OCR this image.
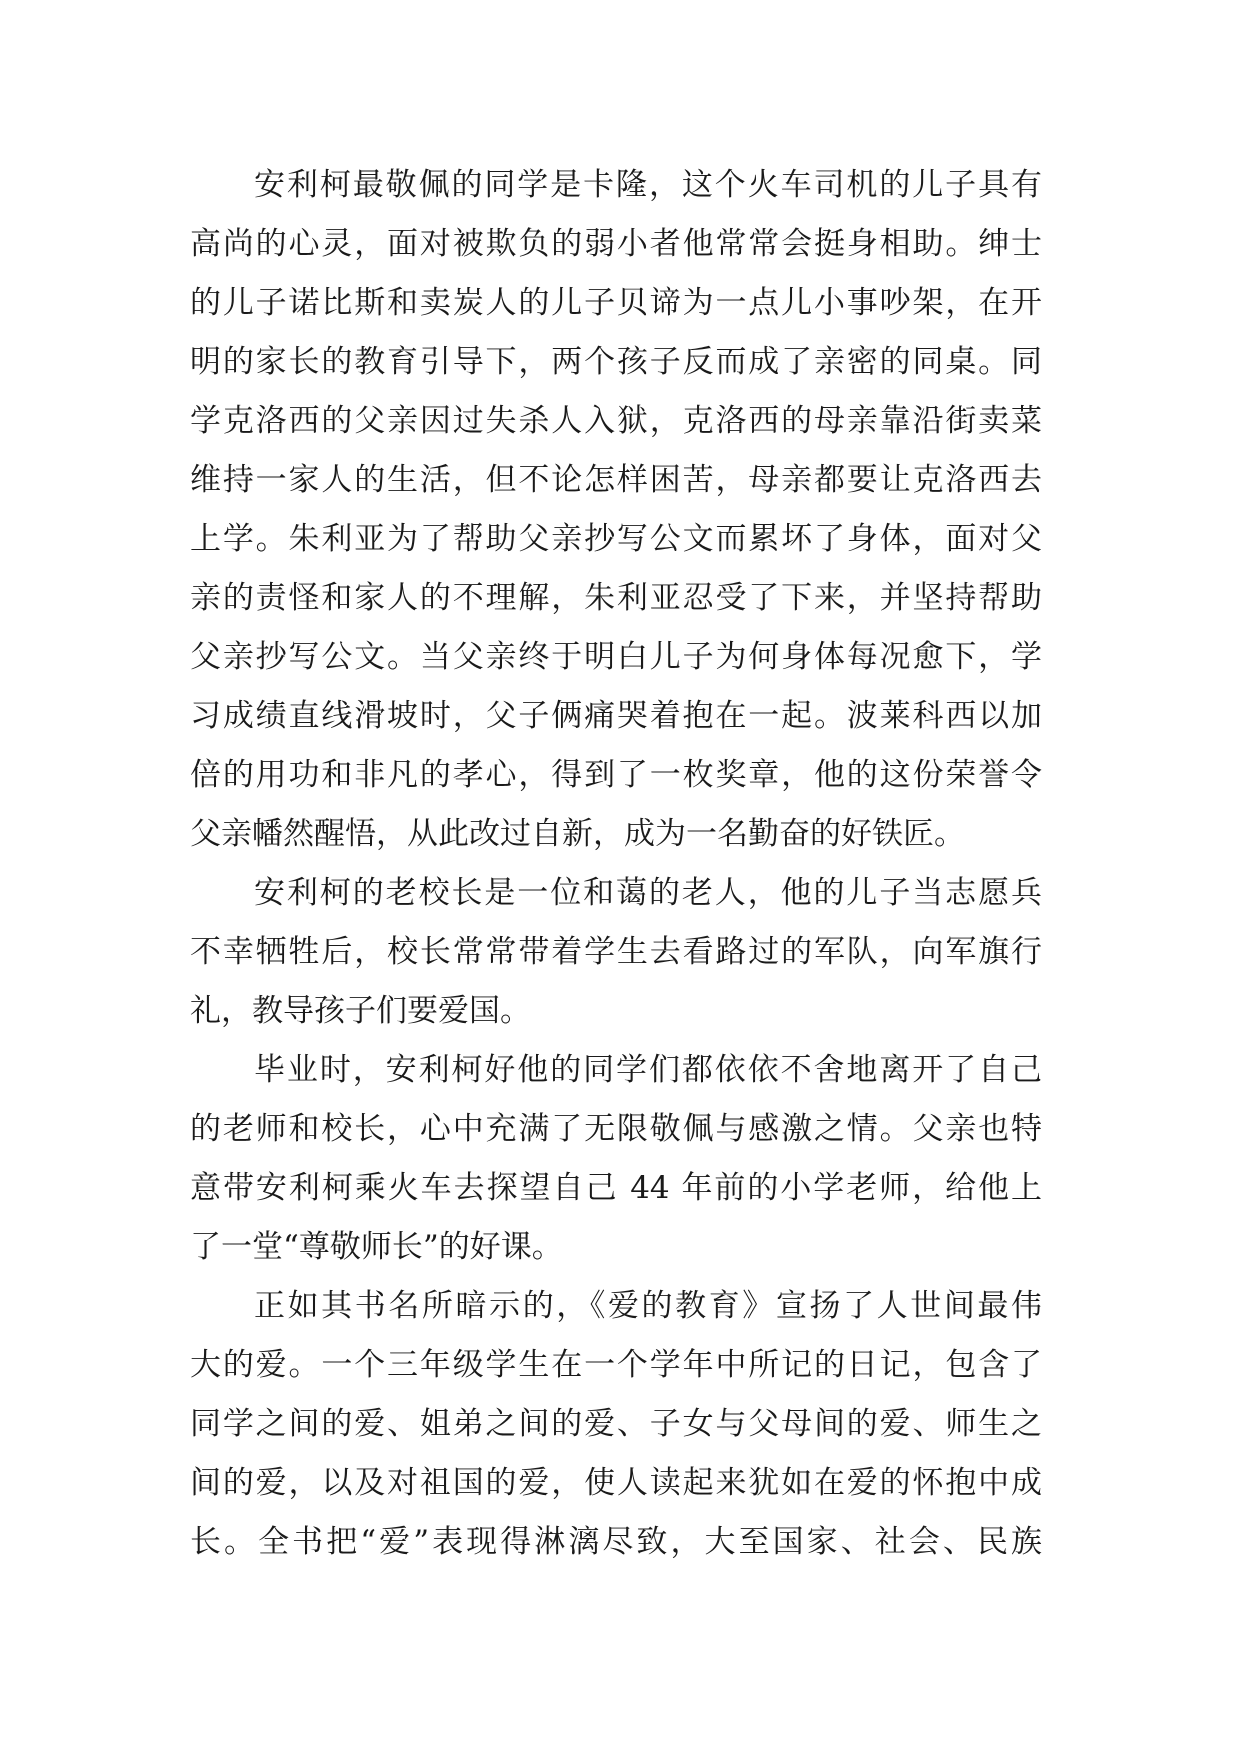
安利柯最敬佩的同学是卡隆，这个火车司机的儿子具有
高尚的心灵，面对被欺负的弱小者他常常会挺身相助。绅士
的儿子诺比斯和卖炭人的儿子贝谛为一点儿小事吵架，在开
明的家长的教育引导下，两个孩子反而成了亲密的同桌。同
学克洛西的父亲因过失杀人入狱，克洛西的母亲靠沿街卖菜
维持一家人的生活，但不论怎样困苦，母亲都要让克洛西去
上学。朱利亚为了帮助父亲抄写公文而累坏了身体，面对父
亲的责怪和家人的不理解，朱利亚忍受了下来，并坚持帮助
父亲抄写公文。当父亲终于明白儿子为何身体每况愈下，学
习成绩直线滑坡时，父子俩痛哭着抱在一起。波莱科西以加
倍的用功和非凡的孝心，得到了一枚奖章，他的这份荣誉令
父亲幡然醒悟，从此改过自新，成为一名勤奋的好铁匠。
安利柯的老校长是一位和蔼的老人，他的儿子当志愿兵
不幸牺牲后，校长常常带着学生去看路过的军队，向军旗行
礼，教导孩子们要爱国。
毕业时，安利柯好他的同学们都依依不舍地离开了自己
的老师和校长，心中充满了无限敬佩与感激之情。父亲也特
意带安利柯乘火车去探望自己 44 年前的小学老师，给他上
了一堂“尊敬师长”的好课。
正如其书名所暗示的，《爱的教育》宣扬了人世间最伟
大的爱。一个三年级学生在一个学年中所记的日记，包含了
同学之间的爱、姐弟之间的爱、子女与父母间的爱、师生之
间的爱，以及对祖国的爱，使人读起来犹如在爱的怀抱中成
长。全书把“爱”表现得淋漓尽致，大至国家、社会、民族
